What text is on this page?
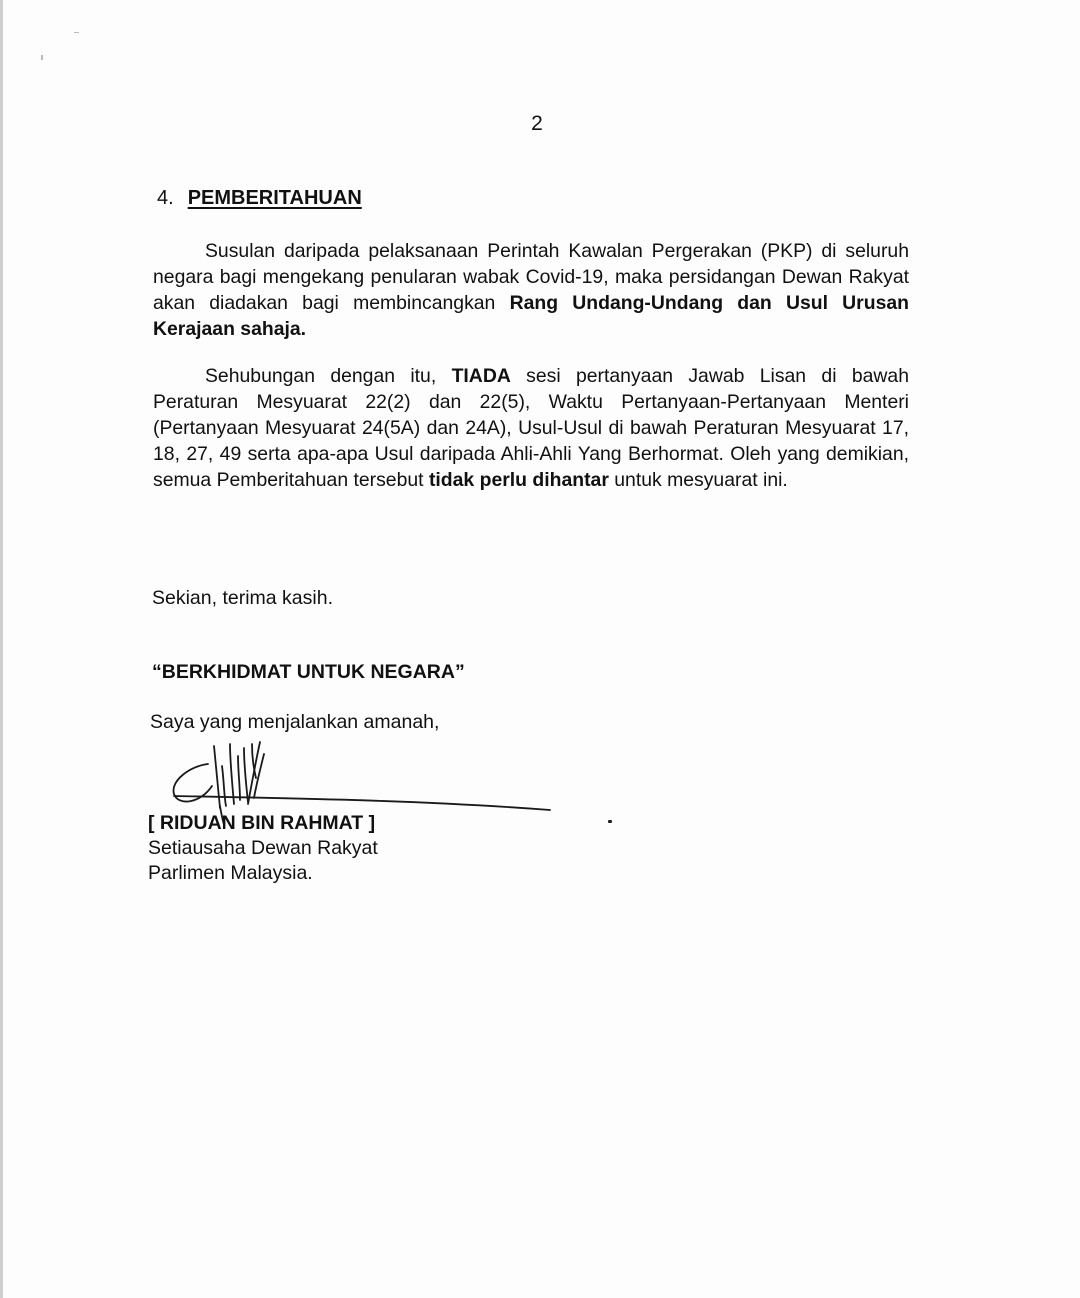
2
4. PEMBERITAHUAN

Susulan daripada pelaksanaan Perintah Kawalan Pergerakan (PKP) di seluruh negara bagi mengekang penularan wabak Covid-19, maka persidangan Dewan Rakyat akan diadakan bagi membincangkan Rang Undang-Undang dan Usul Urusan Kerajaan sahaja.

Sehubungan dengan itu, TIADA sesi pertanyaan Jawab Lisan di bawah Peraturan Mesyuarat 22(2) dan 22(5), Waktu Pertanyaan-Pertanyaan Menteri (Pertanyaan Mesyuarat 24(5A) dan 24A), Usul-Usul di bawah Peraturan Mesyuarat 17, 18, 27, 49 serta apa-apa Usul daripada Ahli-Ahli Yang Berhormat. Oleh yang demikian, semua Pemberitahuan tersebut tidak perlu dihantar untuk mesyuarat ini.

Sekian, terima kasih.
“BERKHIDMAT UNTUK NEGARA”
Saya yang menjalankan amanah,
[ RIDUAN BIN RAHMAT ]
Setiausaha Dewan Rakyat
Parlimen Malaysia.
